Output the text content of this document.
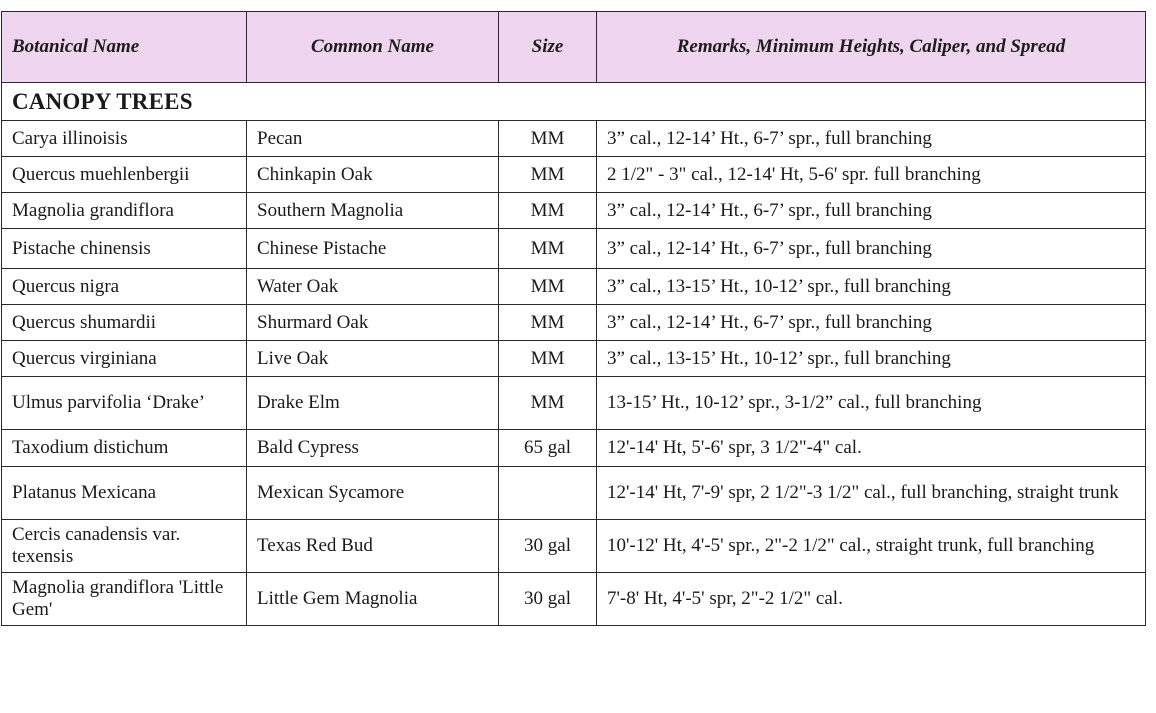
Botanical Name	Common Name	Size	Remarks, Minimum Heights, Caliper, and Spread
CANOPY TREES			
Carya illinoisis	Pecan	MM	3” cal., 12-14’ Ht., 6-7’ spr., full branching
Quercus muehlenbergii	Chinkapin Oak	MM	2 1/2" - 3" cal., 12-14' Ht, 5-6' spr. full branching
Magnolia grandiflora	Southern Magnolia	MM	3” cal., 12-14’ Ht., 6-7’ spr., full branching
Pistache chinensis	Chinese Pistache	MM	3” cal., 12-14’ Ht., 6-7’ spr., full branching
Quercus nigra	Water Oak	MM	3” cal., 13-15’ Ht., 10-12’ spr., full branching
Quercus shumardii	Shurmard Oak	MM	3” cal., 12-14’ Ht., 6-7’ spr., full branching
Quercus virginiana	Live Oak	MM	3” cal., 13-15’ Ht., 10-12’ spr., full branching
Ulmus parvifolia ‘Drake’	Drake Elm	MM	13-15’ Ht., 10-12’ spr., 3-1/2” cal., full branching
Taxodium distichum	Bald Cypress	65 gal	12'-14' Ht, 5'-6' spr, 3 1/2"-4" cal.
Platanus Mexicana	Mexican Sycamore		12'-14' Ht, 7'-9' spr, 2 1/2"-3 1/2" cal., full branching, straight trunk
Cercis canadensis var. texensis	Texas Red Bud	30 gal	10'-12' Ht, 4'-5' spr., 2"-2 1/2" cal., straight trunk, full branching
Magnolia grandiflora 'Little Gem'	Little Gem Magnolia	30 gal	7'-8' Ht, 4'-5' spr, 2"-2 1/2" cal.
